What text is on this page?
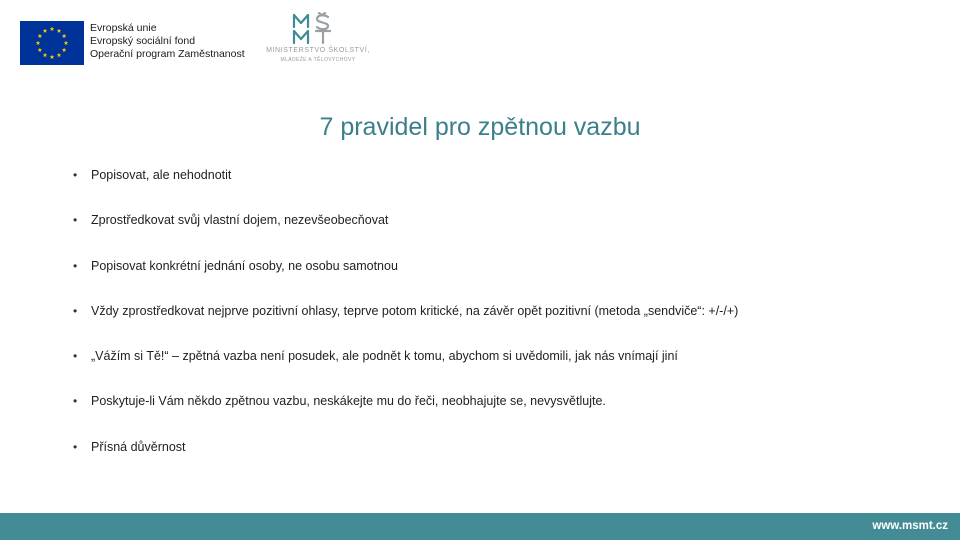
Evropská unie
Evropský sociální fond
Operační program Zaměstnanost	MINISTERSTVO ŠKOLSTVÍ,
MLÁDEŽE A TĚLOVÝCHOVY
7 pravidel pro zpětnou vazbu
•	Popisovat, ale nehodnotit
•	Zprostředkovat svůj vlastní dojem, nezevšeobecňovat
•	Popisovat konkrétní jednání osoby, ne osobu samotnou
•	Vždy zprostředkovat nejprve pozitivní ohlasy, teprve potom kritické, na závěr opět pozitivní (metoda „sendviče“: +/-/+)
•	„Vážím si Tě!“ – zpětná vazba není posudek, ale podnět k tomu, abychom si uvědomili, jak nás vnímají jiní
•	Poskytuje-li Vám někdo zpětnou vazbu, neskákejte mu do řeči, neobhajujte se, nevysvětlujte.
•	Přísná důvěrnost
www.msmt.cz
